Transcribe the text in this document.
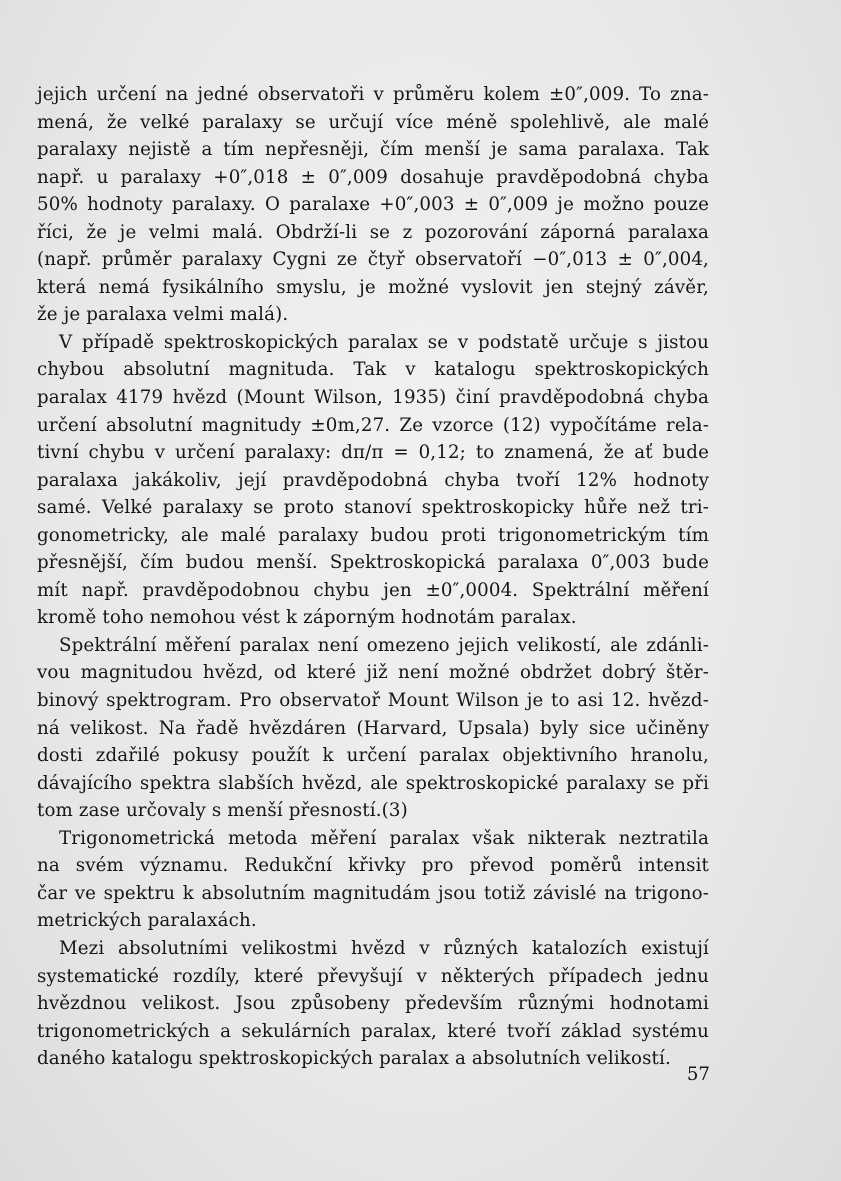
jejich určení na jedné observatoři v průměru kolem ±0″,009. To zna-
mená, že velké paralaxy se určují více méně spolehlivě, ale malé
paralaxy nejistě a tím nepřesněji, čím menší je sama paralaxa. Tak
např. u paralaxy +0″,018 ± 0″,009 dosahuje pravděpodobná chyba
50% hodnoty paralaxy. O paralaxe +0″,003 ± 0″,009 je možno pouze
říci, že je velmi malá. Obdrží-li se z pozorování záporná paralaxa
(např. průměr paralaxy Cygni ze čtyř observatoří −0″,013 ± 0″,004,
která nemá fysikálního smyslu, je možné vyslovit jen stejný závěr,
že je paralaxa velmi malá).
V případě spektroskopických paralax se v podstatě určuje s jistou
chybou absolutní magnituda. Tak v katalogu spektroskopických
paralax 4179 hvězd (Mount Wilson, 1935) činí pravděpodobná chyba
určení absolutní magnitudy ±0m,27. Ze vzorce (12) vypočítáme rela-
tivní chybu v určení paralaxy: dπ/π = 0,12; to znamená, že ať bude
paralaxa jakákoliv, její pravděpodobná chyba tvoří 12% hodnoty
samé. Velké paralaxy se proto stanoví spektroskopicky hůře než tri-
gonometricky, ale malé paralaxy budou proti trigonometrickým tím
přesnější, čím budou menší. Spektroskopická paralaxa 0″,003 bude
mít např. pravděpodobnou chybu jen ±0″,0004. Spektrální měření
kromě toho nemohou vést k záporným hodnotám paralax.
Spektrální měření paralax není omezeno jejich velikostí, ale zdánli-
vou magnitudou hvězd, od které již není možné obdržet dobrý štěr-
binový spektrogram. Pro observatoř Mount Wilson je to asi 12. hvězd-
ná velikost. Na řadě hvězdáren (Harvard, Upsala) byly sice učiněny
dosti zdařilé pokusy použít k určení paralax objektivního hranolu,
dávajícího spektra slabších hvězd, ale spektroskopické paralaxy se při
tom zase určovaly s menší přesností.(3)
Trigonometrická metoda měření paralax však nikterak neztratila
na svém významu. Redukční křivky pro převod poměrů intensit
čar ve spektru k absolutním magnitudám jsou totiž závislé na trigono-
metrických paralaxách.
Mezi absolutními velikostmi hvězd v různých katalozích existují
systematické rozdíly, které převyšují v některých případech jednu
hvězdnou velikost. Jsou způsobeny především různými hodnotami
trigonometrických a sekulárních paralax, které tvoří základ systému
daného katalogu spektroskopických paralax a absolutních velikostí.
57
